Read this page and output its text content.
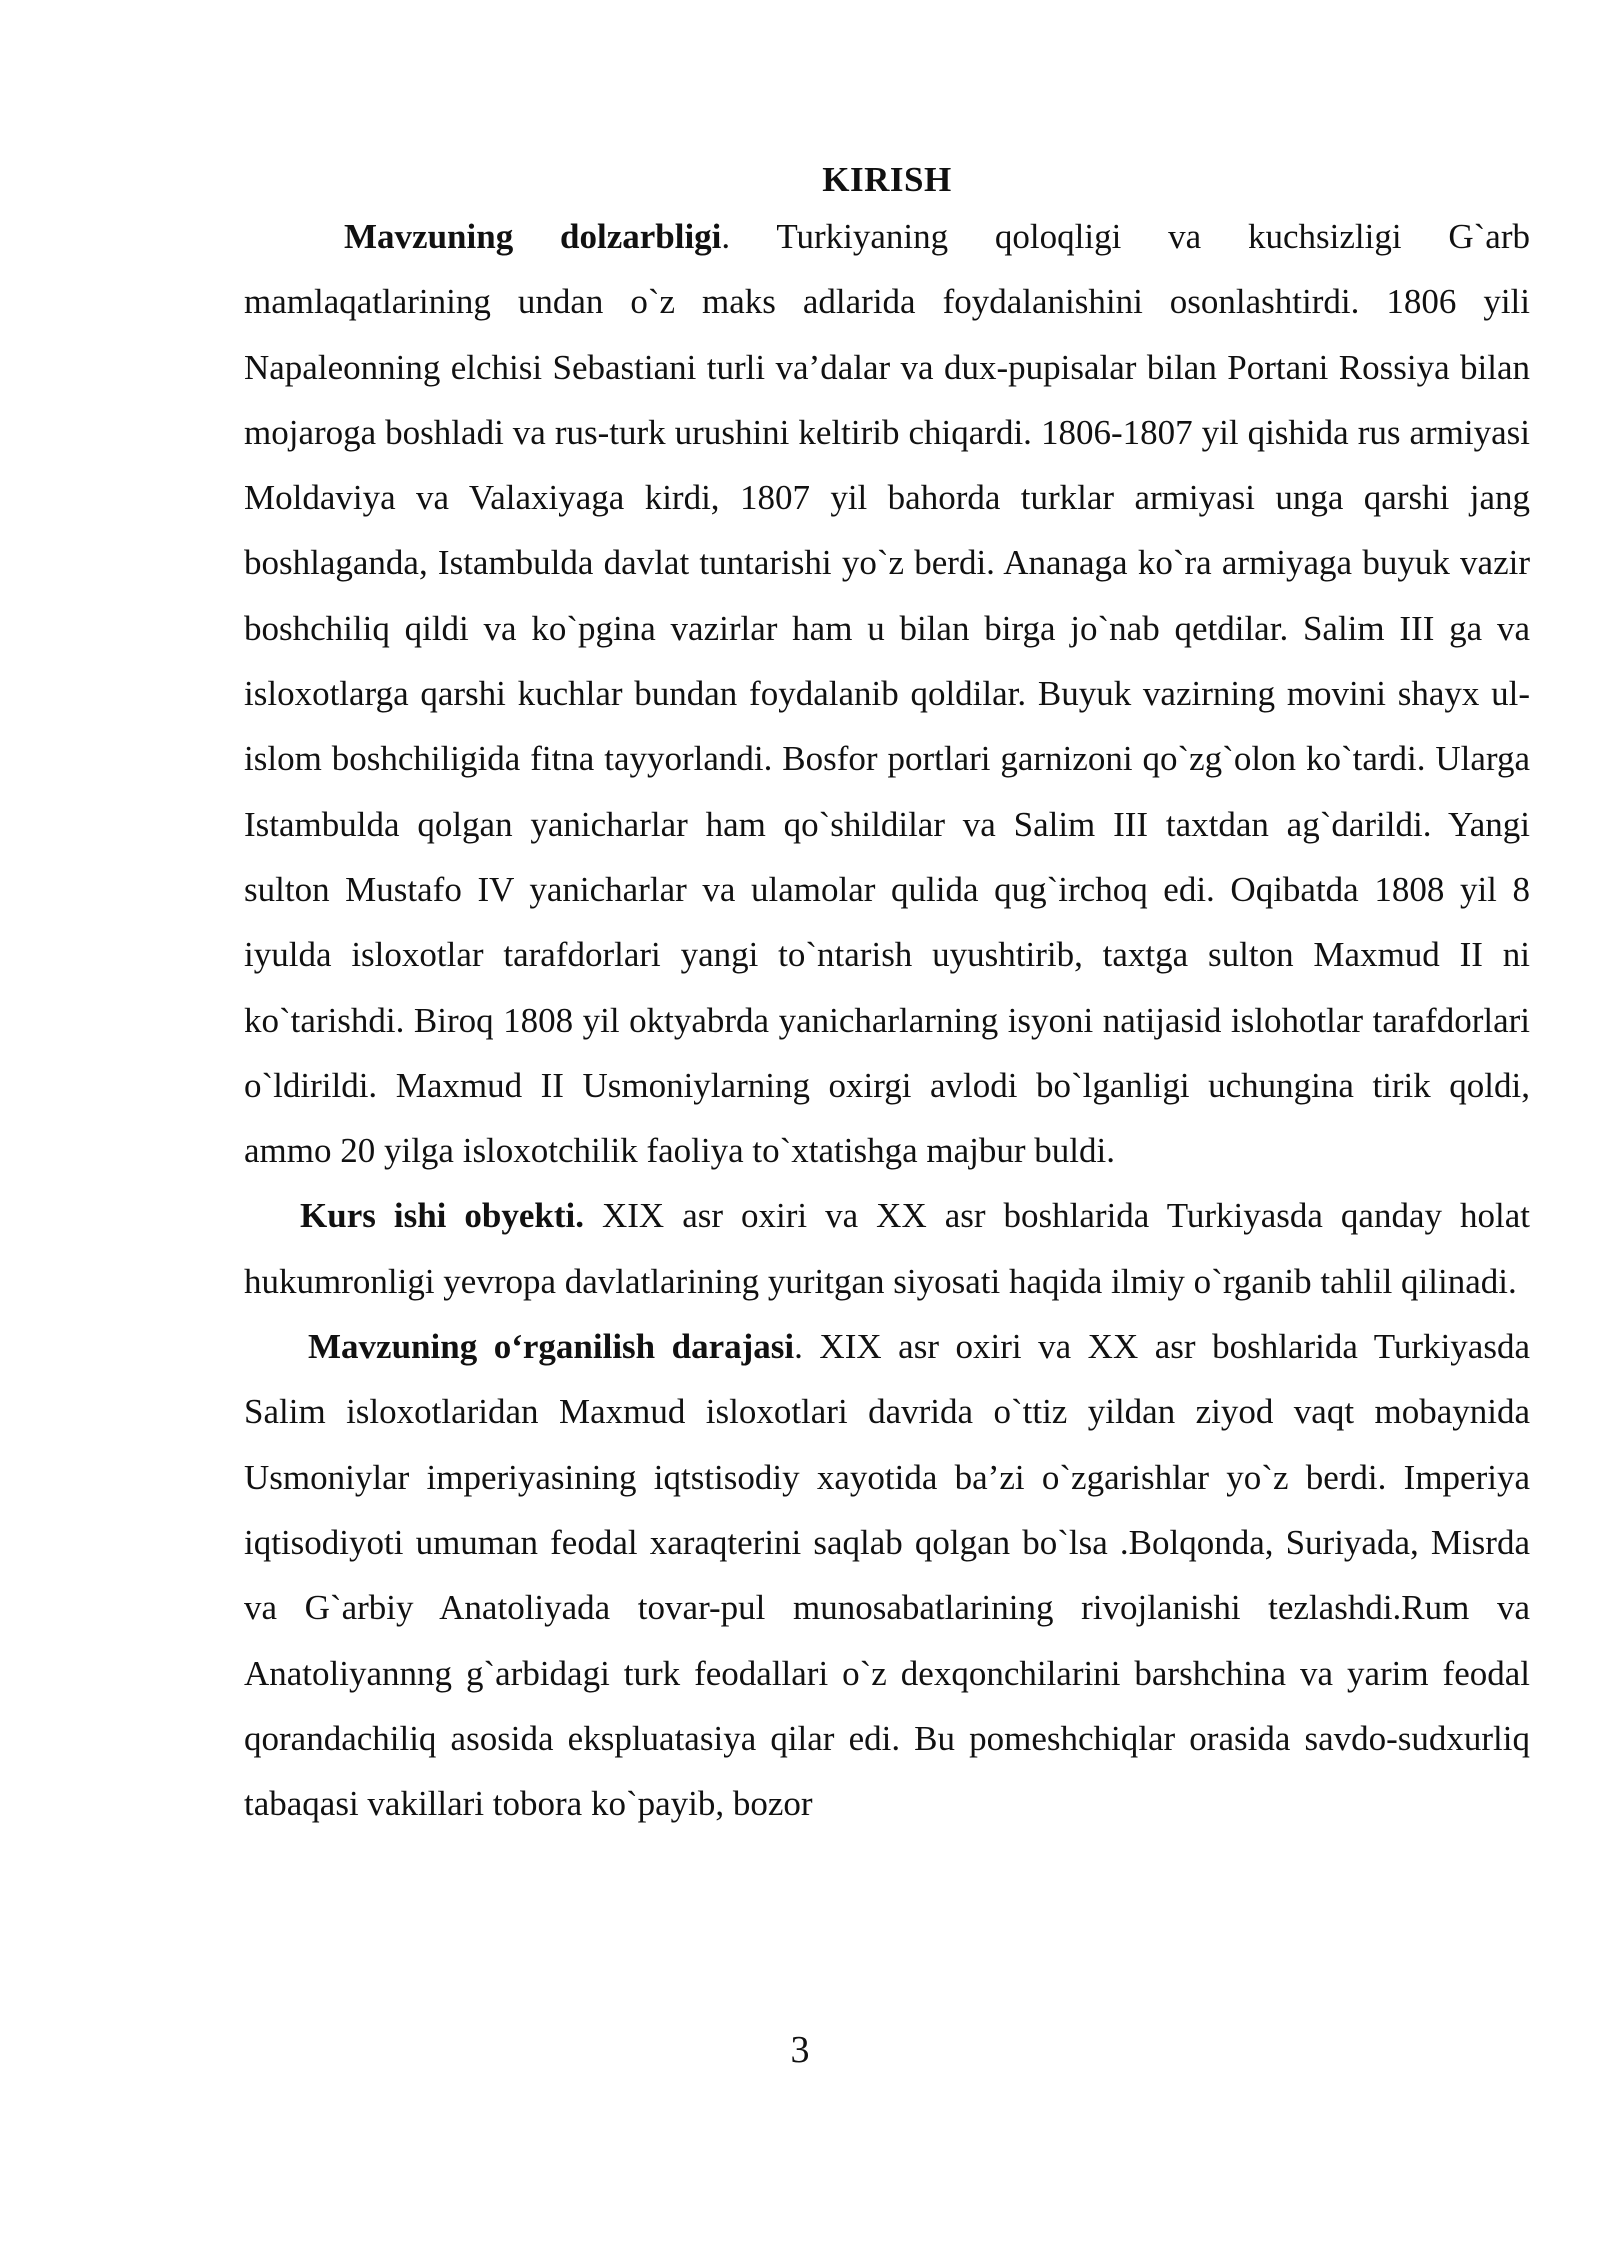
KIRISH

Mavzuning dolzarbligi. Turkiyaning qoloqligi va kuchsizligi G`arb mamlaqatlarining undan o`z maks adlarida foydalanishini osonlashtirdi. 1806 yili Napaleonning elchisi Sebastiani turli va’dalar va dux-pupisalar bilan Portani Rossiya bilan mojaroga boshladi va rus-turk urushini keltirib chiqardi. 1806-1807 yil qishida rus armiyasi Moldaviya va Valaxiyaga kirdi, 1807 yil bahorda turklar armiyasi unga qarshi jang boshlaganda, Istambulda davlat tuntarishi yo`z berdi. Ananaga ko`ra armiyaga buyuk vazir boshchiliq qildi va ko`pgina vazirlar ham u bilan birga jo`nab qetdilar. Salim III ga va isloxotlarga qarshi kuchlar bundan foydalanib qoldilar. Buyuk vazirning movini shayx ul-islom boshchiligida fitna tayyorlandi. Bosfor portlari garnizoni qo`zg`olon ko`tardi. Ularga Istambulda qolgan yanicharlar ham qo`shildilar va Salim III taxtdan ag`darildi. Yangi sulton Mustafo IV yanicharlar va ulamolar qulida qug`irchoq edi. Oqibatda 1808 yil 8 iyulda isloxotlar tarafdorlari yangi to`ntarish uyushtirib, taxtga sulton Maxmud II ni ko`tarishdi. Biroq 1808 yil oktyabrda yanicharlarning isyoni natijasid islohotlar tarafdorlari o`ldirildi. Maxmud II Usmoniylarning oxirgi avlodi bo`lganligi uchungina tirik qoldi, ammo 20 yilga isloxotchilik faoliya to`xtatishga majbur buldi.

Kurs ishi obyekti. XIX asr oxiri va XX asr boshlarida Turkiyasda qanday holat hukumronligi yevropa davlatlarining yuritgan siyosati haqida ilmiy o`rganib tahlil qilinadi.

Mavzuning o‘rganilish darajasi. XIX asr oxiri va XX asr boshlarida Turkiyasda Salim isloxotlaridan Maxmud isloxotlari davrida o`ttiz yildan ziyod vaqt mobaynida Usmoniylar imperiyasining iqtstisodiy xayotida ba’zi o`zgarishlar yo`z berdi. Imperiya iqtisodiyoti umuman feodal xaraqterini saqlab qolgan bo`lsa .Bolqonda, Suriyada, Misrda va G`arbiy Anatoliyada tovar-pul munosabatlarining rivojlanishi tezlashdi.Rum va Anatoliyannng g`arbidagi turk feodallari o`z dexqonchilarini barshchina va yarim feodal qorandachiliq asosida ekspluatasiya qilar edi. Bu pomeshchiqlar orasida savdo-sudxurliq tabaqasi vakillari tobora ko`payib, bozor

3
